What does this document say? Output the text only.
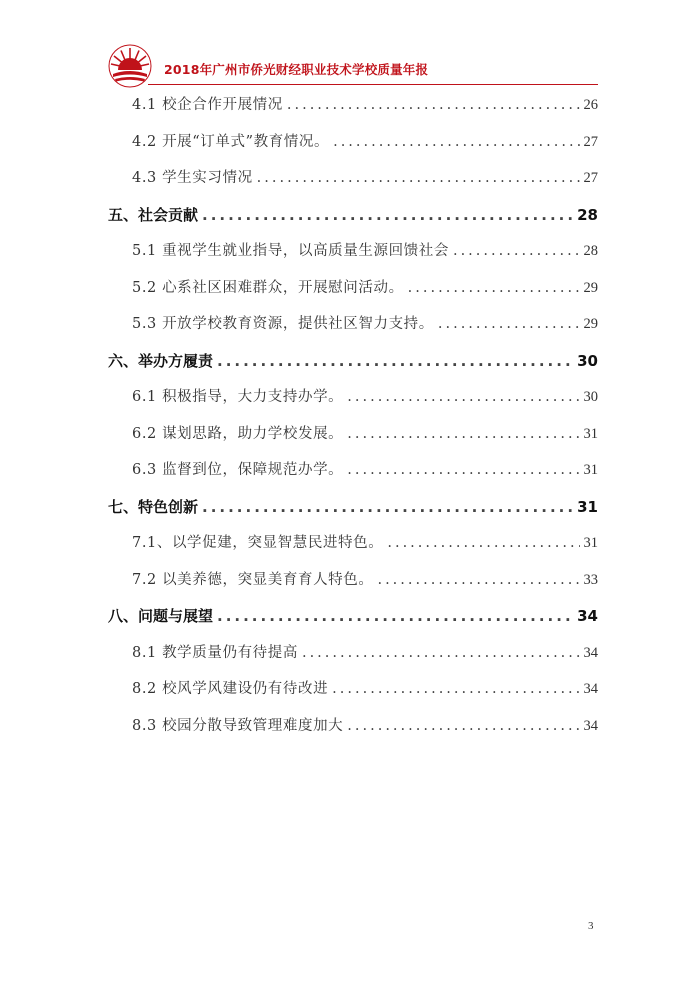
2018年广州市侨光财经职业技术学校质量年报
4.1 校企合作开展情况 .....	26
4.2 开展“订单式”教育情况。 .....	27
4.3 学生实习情况 .....	27
五、社会贡献 .....	28
5.1 重视学生就业指导，以高质量生源回馈社会 .....	28
5.2 心系社区困难群众，开展慰问活动。 .....	29
5.3 开放学校教育资源，提供社区智力支持。 .....	29
六、举办方履责 .....	30
6.1 积极指导，大力支持办学。 .....	30
6.2 谋划思路，助力学校发展。 .....	31
6.3 监督到位，保障规范办学。 .....	31
七、特色创新 .....	31
7.1、以学促建，突显智慧民进特色。 .....	31
7.2 以美养德，突显美育育人特色。 .....	33
八、问题与展望 .....	34
8.1 教学质量仍有待提高 .....	34
8.2 校风学风建设仍有待改进 .....	34
8.3 校园分散导致管理难度加大 .....	34
3
